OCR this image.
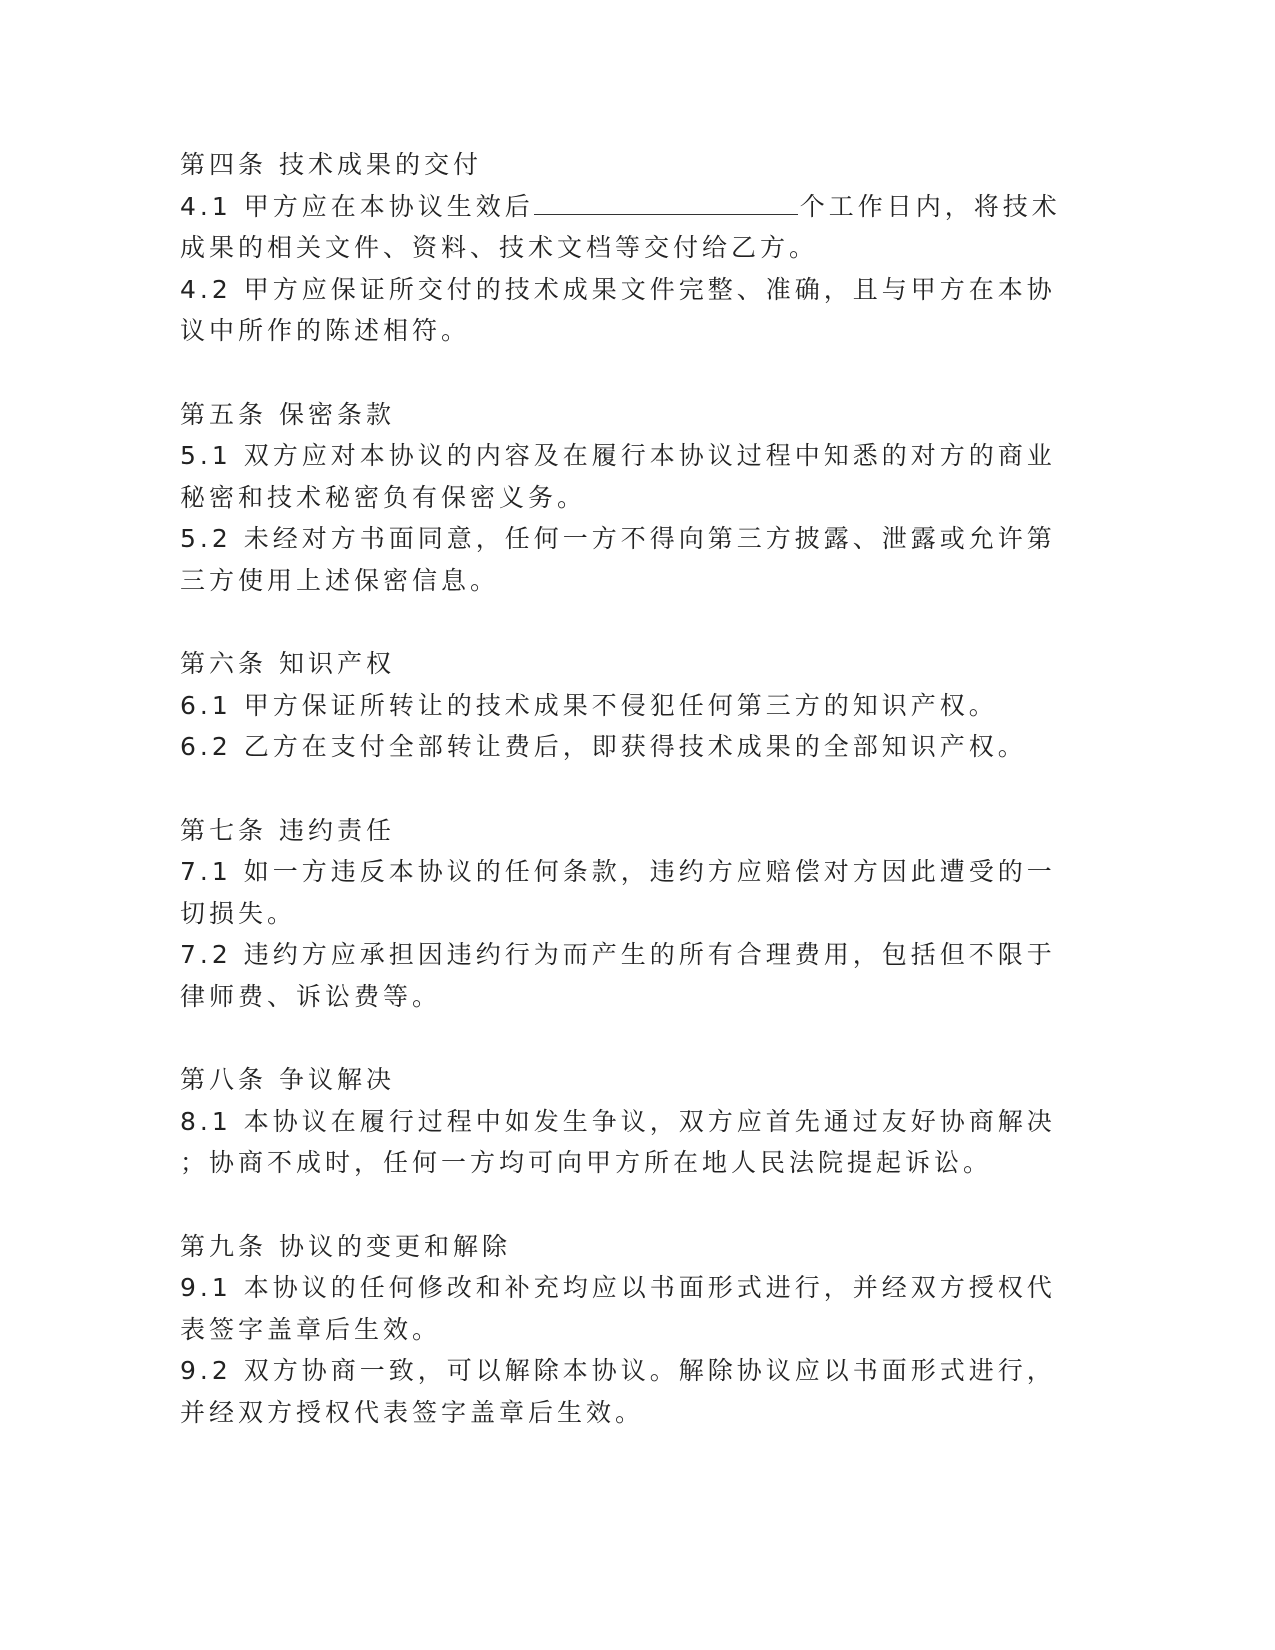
第四条 技术成果的交付

4.1 甲方应在本协议生效后	个工作日内，将技术

成果的相关文件、资料、技术文档等交付给乙方。

4.2 甲方应保证所交付的技术成果文件完整、准确，且与甲方在本协

议中所作的陈述相符。

第五条 保密条款

5.1 双方应对本协议的内容及在履行本协议过程中知悉的对方的商业

秘密和技术秘密负有保密义务。

5.2 未经对方书面同意，任何一方不得向第三方披露、泄露或允许第

三方使用上述保密信息。

第六条 知识产权

6.1 甲方保证所转让的技术成果不侵犯任何第三方的知识产权。

6.2 乙方在支付全部转让费后，即获得技术成果的全部知识产权。

第七条 违约责任

7.1 如一方违反本协议的任何条款，违约方应赔偿对方因此遭受的一

切损失。

7.2 违约方应承担因违约行为而产生的所有合理费用，包括但不限于

律师费、诉讼费等。

第八条 争议解决

8.1 本协议在履行过程中如发生争议，双方应首先通过友好协商解决

；协商不成时，任何一方均可向甲方所在地人民法院提起诉讼。

第九条 协议的变更和解除

9.1 本协议的任何修改和补充均应以书面形式进行，并经双方授权代

表签字盖章后生效。

9.2 双方协商一致，可以解除本协议。解除协议应以书面形式进行，

并经双方授权代表签字盖章后生效。
